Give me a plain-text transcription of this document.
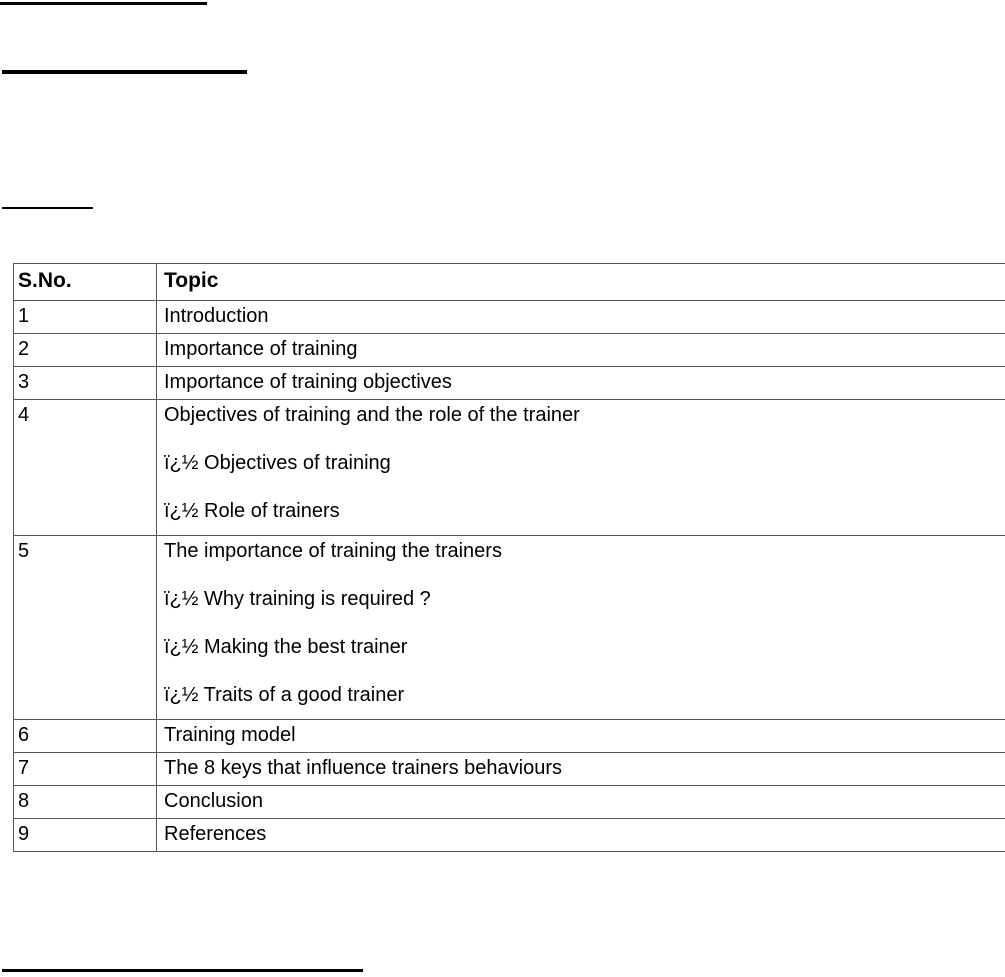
S.No.	Topic
1	Introduction

2	Importance of training

3	Importance of training objectives

4	Objectives of training and the role of the trainer

ï¿½ Objectives of training

ï¿½ Role of trainers

5	The importance of training the trainers

ï¿½ Why training is required ?

ï¿½ Making the best trainer

ï¿½ Traits of a good trainer

6	Training model

7	The 8 keys that influence trainers behaviours

8	Conclusion

9	References
